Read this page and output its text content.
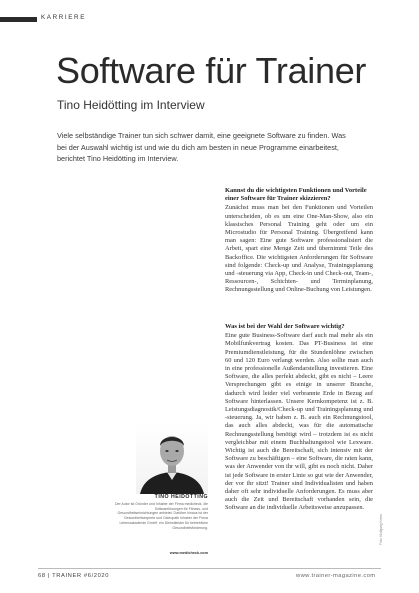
KARRIERE
Software für Trainer
Tino Heidötting im Interview

Viele selbständige Trainer tun sich schwer damit, eine geeignete Software zu finden. Was bei der Auswahl wichtig ist und wie du dich am besten in neue Programme einarbeitest, berichtet Tino Heidötting im Interview.

Kannst du die wichtigsten Funktionen und Vorteile einer Software für Trainer skizzieren?

Zunächst muss man bei den Funktionen und Vorteilen unterscheiden, ob es um eine One-Man-Show, also ein klassisches Personal Training geht oder um ein Microstudio für Personal Training. Übergreifend kann man sagen: Eine gute Software professionalisiert die Arbeit, spart eine Menge Zeit und übernimmt Teile des Backoffice. Die wichtigsten Anforderungen für Software sind folgende: Check-up und Analyse, Trainingsplanung und -steuerung via App, Check-in und Check-out, Team-, Ressourcen-, Schichten- und Terminplanung, Rechnungsstellung und Online-Buchung von Leistungen.

Was ist bei der Wahl der Software wichtig?

Eine gute Business-Software darf auch mal mehr als ein Mobilfunkvertrag kosten. Das PT-Business ist eine Premiumdienstleistung, für die Stundenlöhne zwischen 60 und 120 Euro verlangt werden. Also sollte man auch in eine professionelle Außendarstellung investieren. Eine Software, die alles perfekt abdeckt, gibt es nicht – Leere Versprechungen gibt es einige in unserer Branche, dadurch wird leider viel verbrannte Erde in Bezug auf Software hinterlassen. Unsere Kernkompetenz ist z. B. Leistungsdiagnostik/Check-up und Trainingsplanung und -steuerung. Ja, wir haben z. B. auch ein Rechnungstool, das auch alles abdeckt, was für die automatische Rechnungsstellung benötigt wird – trotzdem ist es nicht vergleichbar mit einem Buchhaltungstool wie Lexware. Wichtig ist auch die Bereitschaft, sich intensiv mit der Software zu beschäftigen – eine Software, die raten kann, was der Anwender von ihr will, gibt es noch nicht. Daher ist jede Software in erster Linie so gut wie der Anwender, der vor ihr sitzt! Trainer sind Individualisten und haben daher oft sehr individuelle Anforderungen. Es muss aber auch die Zeit und Bereitschaft vorhanden sein, die Software an die individuelle Arbeitsweise anzupassen.

TINO HEIDÖTTING

Der Autor ist Gründer und Inhaber der Firma medicheck, die Softwarelösungen für Fitness- und Gesundheitseinrichtungen anbietet. Darüber hinaus ist der Gesundheitsexperte und Osteopath Inhaber der Firma Lebensakademie GmbH, ein Dienstleister für betriebliche Gesundheitsförderung.

www.medicheck.com

Foto: Wolfgang Krenn
68 | TRAINER #6/2020	www.trainer-magazine.com
